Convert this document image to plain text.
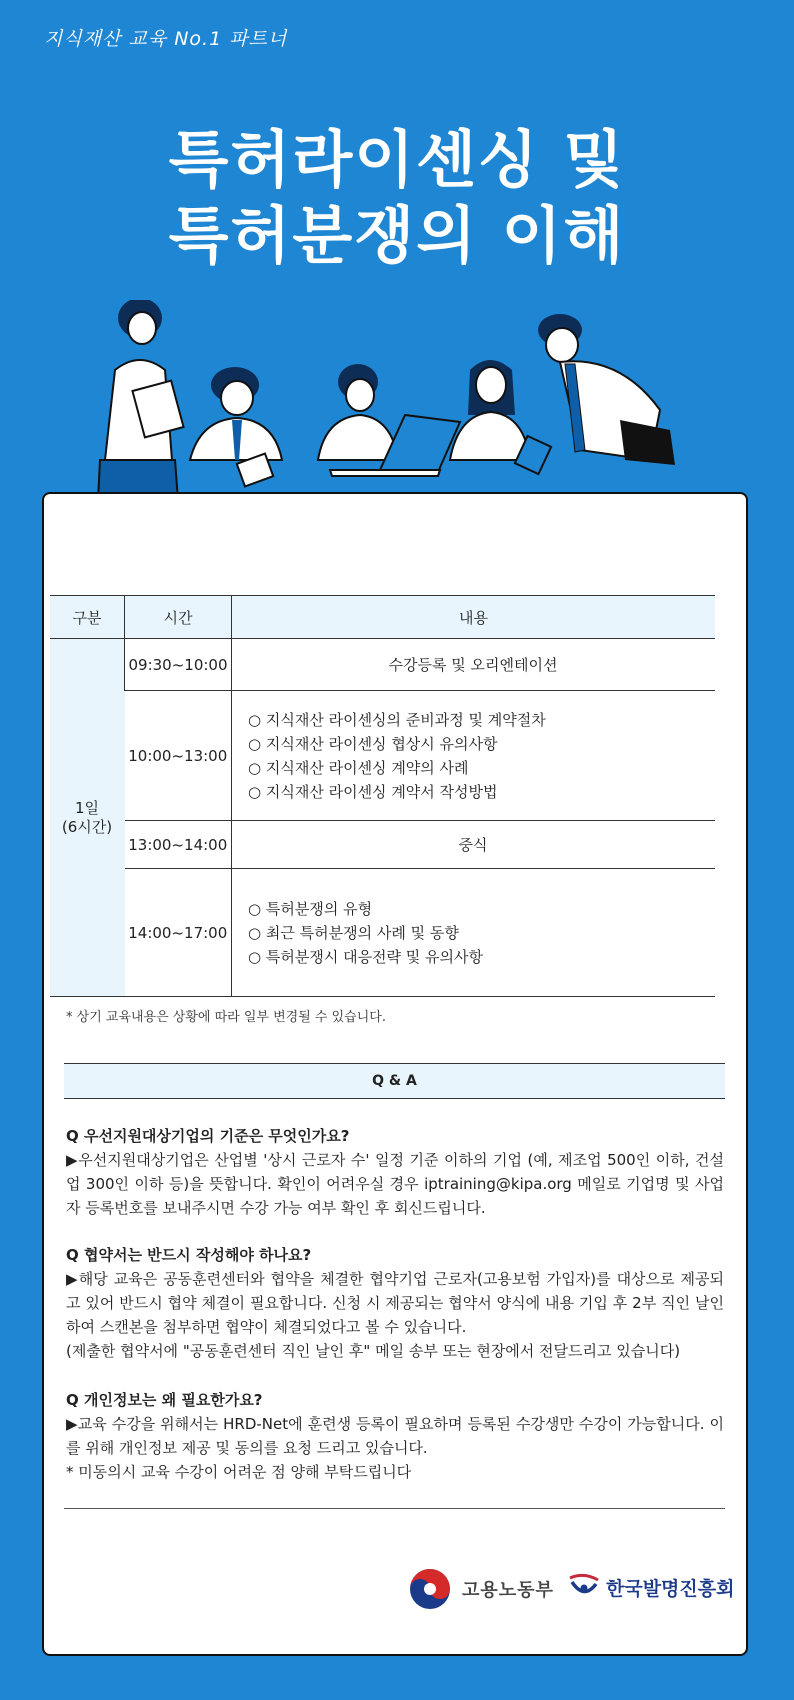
지식재산 교육 No.1 파트너
특허라이센싱 및
특허분쟁의 이해
구분	시간	내용

1일
(6시간)	09:30~10:00	수강등록 및 오리엔테이션

	10:00~13:00	○ 지식재산 라이센싱의 준비과정 및 계약절차
○ 지식재산 라이센싱 협상시 유의사항
○ 지식재산 라이센싱 계약의 사례
○ 지식재산 라이센싱 계약서 작성방법

	13:00~14:00	중식

	14:00~17:00	○ 특허분쟁의 유형
○ 최근 특허분쟁의 사례 및 동향
○ 특허분쟁시 대응전략 및 유의사항
* 상기 교육내용은 상황에 따라 일부 변경될 수 있습니다.
Q & A
Q 우선지원대상기업의 기준은 무엇인가요?
▶우선지원대상기업은 산업별 '상시 근로자 수' 일정 기준 이하의 기업 (예, 제조업 500인 이하, 건설업 300인 이하 등)을 뜻합니다. 확인이 어려우실 경우 iptraining@kipa.org 메일로 기업명 및 사업자 등록번호를 보내주시면 수강 가능 여부 확인 후 회신드립니다.
Q 협약서는 반드시 작성해야 하나요?
▶해당 교육은 공동훈련센터와 협약을 체결한 협약기업 근로자(고용보험 가입자)를 대상으로 제공되고 있어 반드시 협약 체결이 필요합니다. 신청 시 제공되는 협약서 양식에 내용 기입 후 2부 직인 날인하여 스캔본을 첨부하면 협약이 체결되었다고 볼 수 있습니다.
(제출한 협약서에 "공동훈련센터 직인 날인 후" 메일 송부 또는 현장에서 전달드리고 있습니다)
Q 개인정보는 왜 필요한가요?
▶교육 수강을 위해서는 HRD-Net에 훈련생 등록이 필요하며 등록된 수강생만 수강이 가능합니다. 이를 위해 개인정보 제공 및 동의를 요청 드리고 있습니다.
* 미동의시 교육 수강이 어려운 점 양해 부탁드립니다
고용노동부	한국발명진흥회
